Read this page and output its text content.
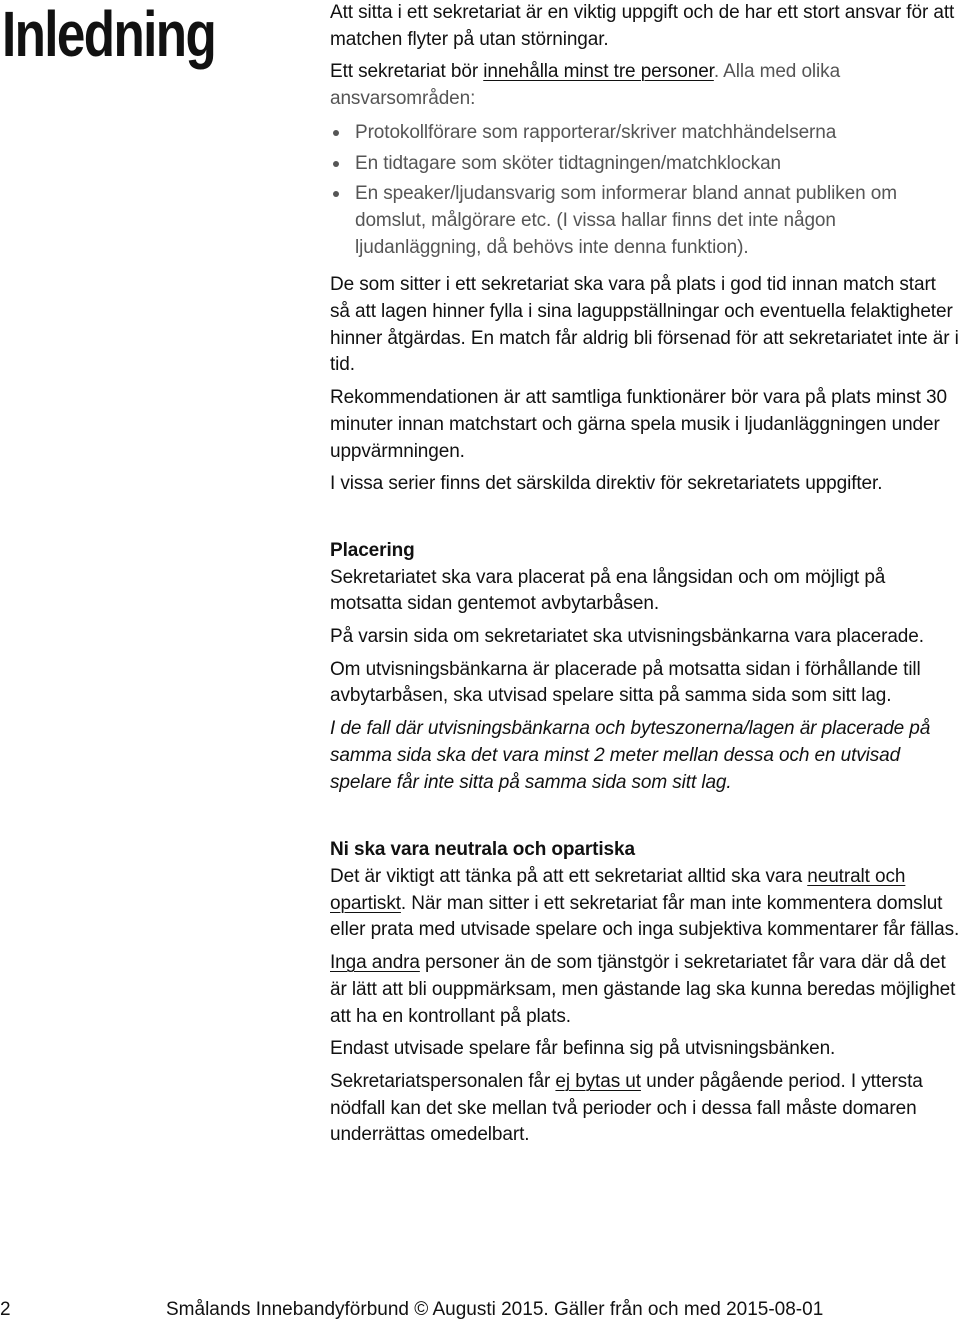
Inledning	Att sitta i ett sekretariat är en viktig uppgift och de har ett stort ansvar för att matchen flyter på utan störningar.

Ett sekretariat bör innehålla minst tre personer. Alla med olika ansvarsområden:

Protokollförare som rapporterar/skriver matchhändelserna
En tidtagare som sköter tidtagningen/matchklockan
En speaker/ljudansvarig som informerar bland annat publiken om domslut, målgörare etc. (I vissa hallar finns det inte någon ljudanläggning, då behövs inte denna funktion).

De som sitter i ett sekretariat ska vara på plats i god tid innan match start så att lagen hinner fylla i sina laguppställningar och eventuella felaktigheter hinner åtgärdas. En match får aldrig bli försenad för att sekretariatet inte är i tid.

Rekommendationen är att samtliga funktionärer bör vara på plats minst 30 minuter innan matchstart och gärna spela musik i ljudanläggningen under uppvärmningen.

I vissa serier finns det särskilda direktiv för sekretariatets uppgifter.

Placering

Sekretariatet ska vara placerat på ena långsidan och om möjligt på motsatta sidan gentemot avbytarbåsen.

På varsin sida om sekretariatet ska utvisningsbänkarna vara placerade.

Om utvisningsbänkarna är placerade på motsatta sidan i förhållande till avbytarbåsen, ska utvisad spelare sitta på samma sida som sitt lag.

I de fall där utvisningsbänkarna och byteszonerna/lagen är placerade på samma sida ska det vara minst 2 meter mellan dessa och en utvisad spelare får inte sitta på samma sida som sitt lag.

Ni ska vara neutrala och opartiska

Det är viktigt att tänka på att ett sekretariat alltid ska vara neutralt och opartiskt. När man sitter i ett sekretariat får man inte kommentera domslut eller prata med utvisade spelare och inga subjektiva kommentarer får fällas.

Inga andra personer än de som tjänstgör i sekretariatet får vara där då det är lätt att bli ouppmärksam, men gästande lag ska kunna beredas möjlighet att ha en kontrollant på plats.

Endast utvisade spelare får befinna sig på utvisningsbänken.

Sekretariatspersonalen får ej bytas ut under pågående period. I yttersta nödfall kan det ske mellan två perioder och i dessa fall måste domaren underrättas omedelbart.

2	Smålands Innebandyförbund © Augusti 2015. Gäller från och med 2015-08-01
